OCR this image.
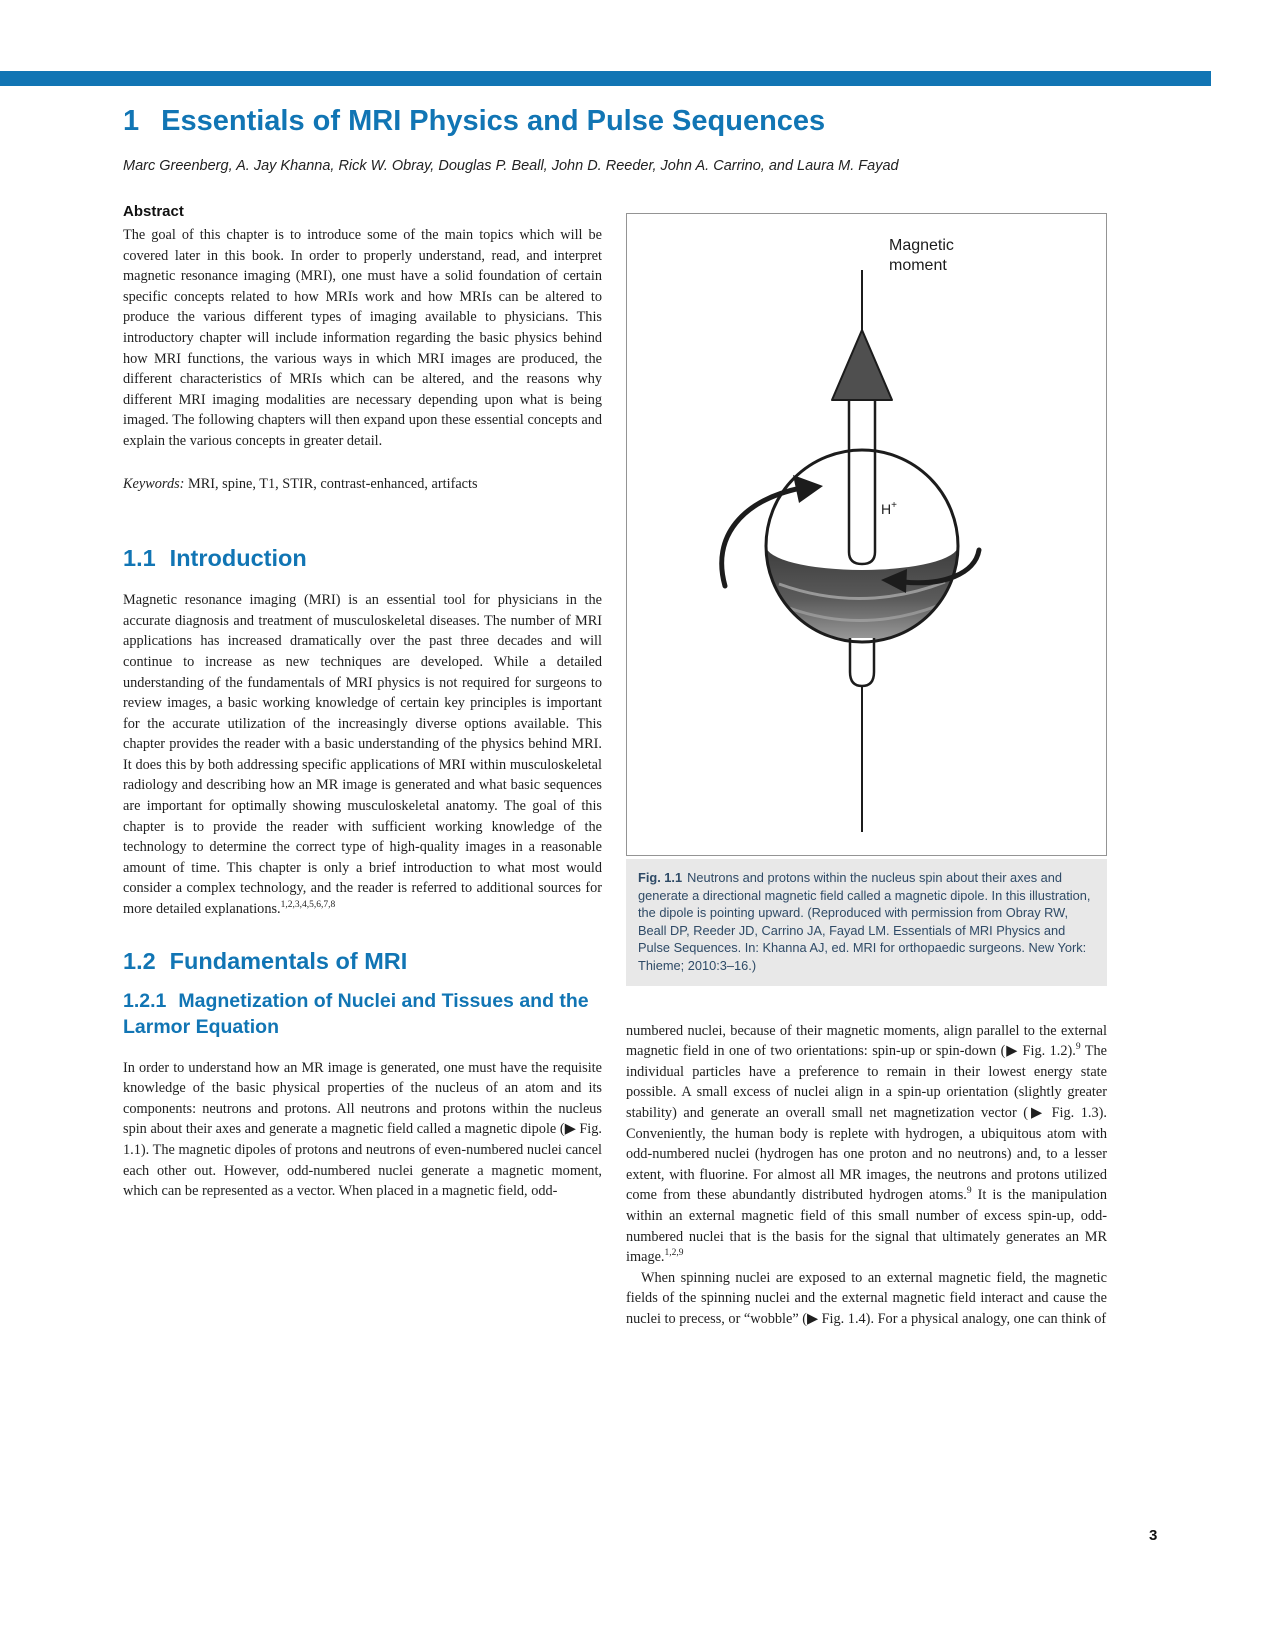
1 Essentials of MRI Physics and Pulse Sequences

Marc Greenberg, A. Jay Khanna, Rick W. Obray, Douglas P. Beall, John D. Reeder, John A. Carrino, and Laura M. Fayad

Abstract

The goal of this chapter is to introduce some of the main topics which will be covered later in this book. In order to properly understand, read, and interpret magnetic resonance imaging (MRI), one must have a solid foundation of certain specific concepts related to how MRIs work and how MRIs can be altered to produce the various different types of imaging available to physicians. This introductory chapter will include information regarding the basic physics behind how MRI functions, the various ways in which MRI images are produced, the different characteristics of MRIs which can be altered, and the reasons why different MRI imaging modalities are necessary depending upon what is being imaged. The following chapters will then expand upon these essential concepts and explain the various concepts in greater detail.

Keywords: MRI, spine, T1, STIR, contrast-enhanced, artifacts

1.1 Introduction

Magnetic resonance imaging (MRI) is an essential tool for physicians in the accurate diagnosis and treatment of musculoskeletal diseases. The number of MRI applications has increased dramatically over the past three decades and will continue to increase as new techniques are developed. While a detailed understanding of the fundamentals of MRI physics is not required for surgeons to review images, a basic working knowledge of certain key principles is important for the accurate utilization of the increasingly diverse options available. This chapter provides the reader with a basic understanding of the physics behind MRI. It does this by both addressing specific applications of MRI within musculoskeletal radiology and describing how an MR image is generated and what basic sequences are important for optimally showing musculoskeletal anatomy. The goal of this chapter is to provide the reader with sufficient working knowledge of the technology to determine the correct type of high-quality images in a reasonable amount of time. This chapter is only a brief introduction to what most would consider a complex technology, and the reader is referred to additional sources for more detailed explanations.$^{1,2,3,4,5,6,7,8}$

1.2 Fundamentals of MRI
1.2.1 Magnetization of Nuclei and Tissues and the Larmor Equation

In order to understand how an MR image is generated, one must have the requisite knowledge of the basic physical properties of the nucleus of an atom and its components: neutrons and protons. All neutrons and protons within the nucleus spin about their axes and generate a magnetic field called a magnetic dipole (▶ Fig. 1.1). The magnetic dipoles of protons and neutrons of even-numbered nuclei cancel each other out. However, odd-numbered nuclei generate a magnetic moment, which can be represented as a vector. When placed in a magnetic field, odd-

Magnetic
moment
H+
Fig. 1.1 Neutrons and protons within the nucleus spin about their axes and generate a directional magnetic field called a magnetic dipole. In this illustration, the dipole is pointing upward. (Reproduced with permission from Obray RW, Beall DP, Reeder JD, Carrino JA, Fayad LM. Essentials of MRI Physics and Pulse Sequences. In: Khanna AJ, ed. MRI for orthopaedic surgeons. New York: Thieme; 2010:3–16.)

numbered nuclei, because of their magnetic moments, align parallel to the external magnetic field in one of two orientations: spin-up or spin-down (▶ Fig. 1.2).$^9$ The individual particles have a preference to remain in their lowest energy state possible. A small excess of nuclei align in a spin-up orientation (slightly greater stability) and generate an overall small net magnetization vector (▶ Fig. 1.3). Conveniently, the human body is replete with hydrogen, a ubiquitous atom with odd-numbered nuclei (hydrogen has one proton and no neutrons) and, to a lesser extent, with fluorine. For almost all MR images, the neutrons and protons utilized come from these abundantly distributed hydrogen atoms.$^9$ It is the manipulation within an external magnetic field of this small number of excess spin-up, odd-numbered nuclei that is the basis for the signal that ultimately generates an MR image.$^{1,2,9}$

When spinning nuclei are exposed to an external magnetic field, the magnetic fields of the spinning nuclei and the external magnetic field interact and cause the nuclei to precess, or “wobble” (▶ Fig. 1.4). For a physical analogy, one can think of

3
